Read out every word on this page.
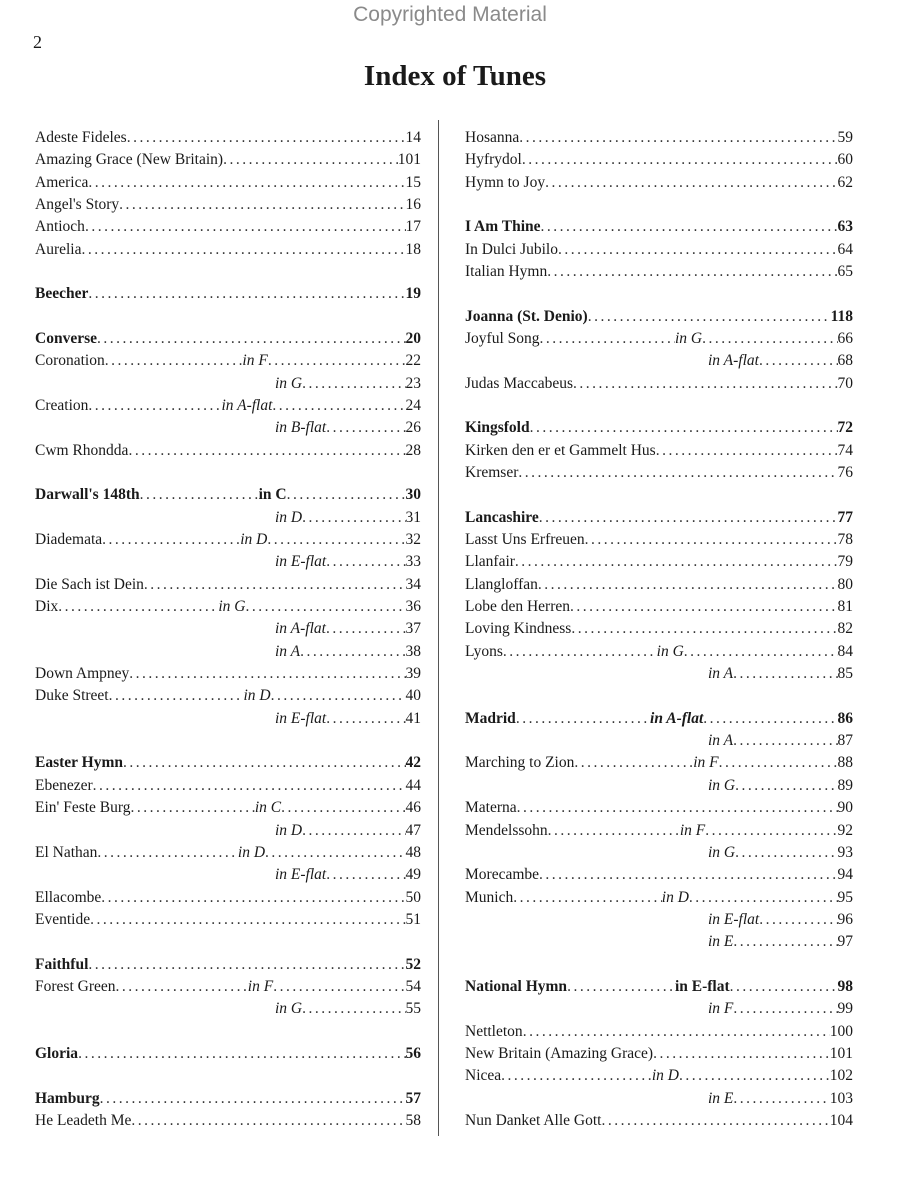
Copyrighted Material
2
Index of Tunes
Adeste Fideles .....	14
Amazing Grace (New Britain) .....	101
America .....	15
Angel's Story .....	16
Antioch .....	17
Aurelia .....	18
Beecher .....	19
Converse .....	20
Coronation .....	in F .....	22
in G .....	23
Creation .....	in A-flat .....	24
in B-flat .....	26
Cwm Rhondda .....	28
Darwall's 148th .....	in C .....	30
in D .....	31
Diademata .....	in D .....	32
in E-flat .....	33
Die Sach ist Dein .....	34
Dix .....	in G .....	36
in A-flat .....	37
in A .....	38
Down Ampney .....	39
Duke Street .....	in D .....	40
in E-flat .....	41
Easter Hymn .....	42
Ebenezer .....	44
Ein' Feste Burg .....	in C .....	46
in D .....	47
El Nathan .....	in D .....	48
in E-flat .....	49
Ellacombe .....	50
Eventide .....	51
Faithful .....	52
Forest Green .....	in F .....	54
in G .....	55
Gloria .....	56
Hamburg .....	57
He Leadeth Me .....	58
Hosanna .....	59
Hyfrydol .....	60
Hymn to Joy .....	62
I Am Thine .....	63
In Dulci Jubilo .....	64
Italian Hymn .....	65
Joanna (St. Denio) .....	118
Joyful Song .....	in G .....	66
in A-flat .....	68
Judas Maccabeus .....	70
Kingsfold .....	72
Kirken den er et Gammelt Hus .....	74
Kremser .....	76
Lancashire .....	77
Lasst Uns Erfreuen .....	78
Llanfair .....	79
Llangloffan .....	80
Lobe den Herren .....	81
Loving Kindness .....	82
Lyons .....	in G .....	84
in A .....	85
Madrid .....	in A-flat .....	86
in A .....	87
Marching to Zion .....	in F .....	88
in G .....	89
Materna .....	90
Mendelssohn .....	in F .....	92
in G .....	93
Morecambe .....	94
Munich .....	in D .....	95
in E-flat .....	96
in E .....	97
National Hymn .....	in E-flat .....	98
in F .....	99
Nettleton .....	100
New Britain (Amazing Grace) .....	101
Nicea .....	in D .....	102
in E .....	103
Nun Danket Alle Gott .....	104
